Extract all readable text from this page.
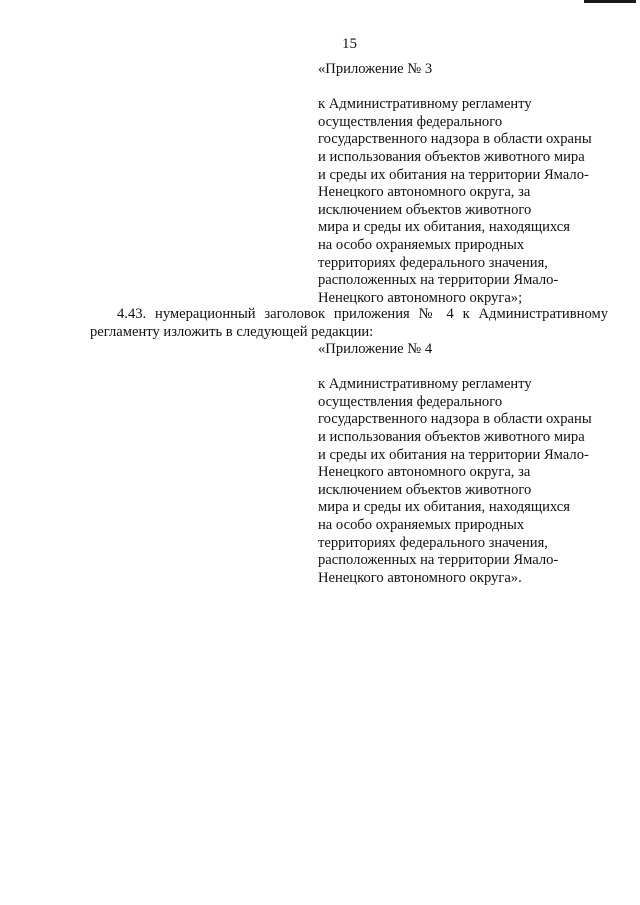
15
«Приложение № 3
к Административному регламенту
осуществления федерального
государственного надзора в области охраны
и использования объектов животного мира
и среды их обитания на территории Ямало-
Ненецкого автономного округа, за
исключением объектов животного
мира и среды их обитания, находящихся
на особо охраняемых природных
территориях федерального значения,
расположенных на территории Ямало-
Ненецкого автономного округа»;
4.43. нумерационный заголовок приложения № 4 к Административному
регламенту изложить в следующей редакции:
«Приложение № 4
к Административному регламенту
осуществления федерального
государственного надзора в области охраны
и использования объектов животного мира
и среды их обитания на территории Ямало-
Ненецкого автономного округа, за
исключением объектов животного
мира и среды их обитания, находящихся
на особо охраняемых природных
территориях федерального значения,
расположенных на территории Ямало-
Ненецкого автономного округа».
